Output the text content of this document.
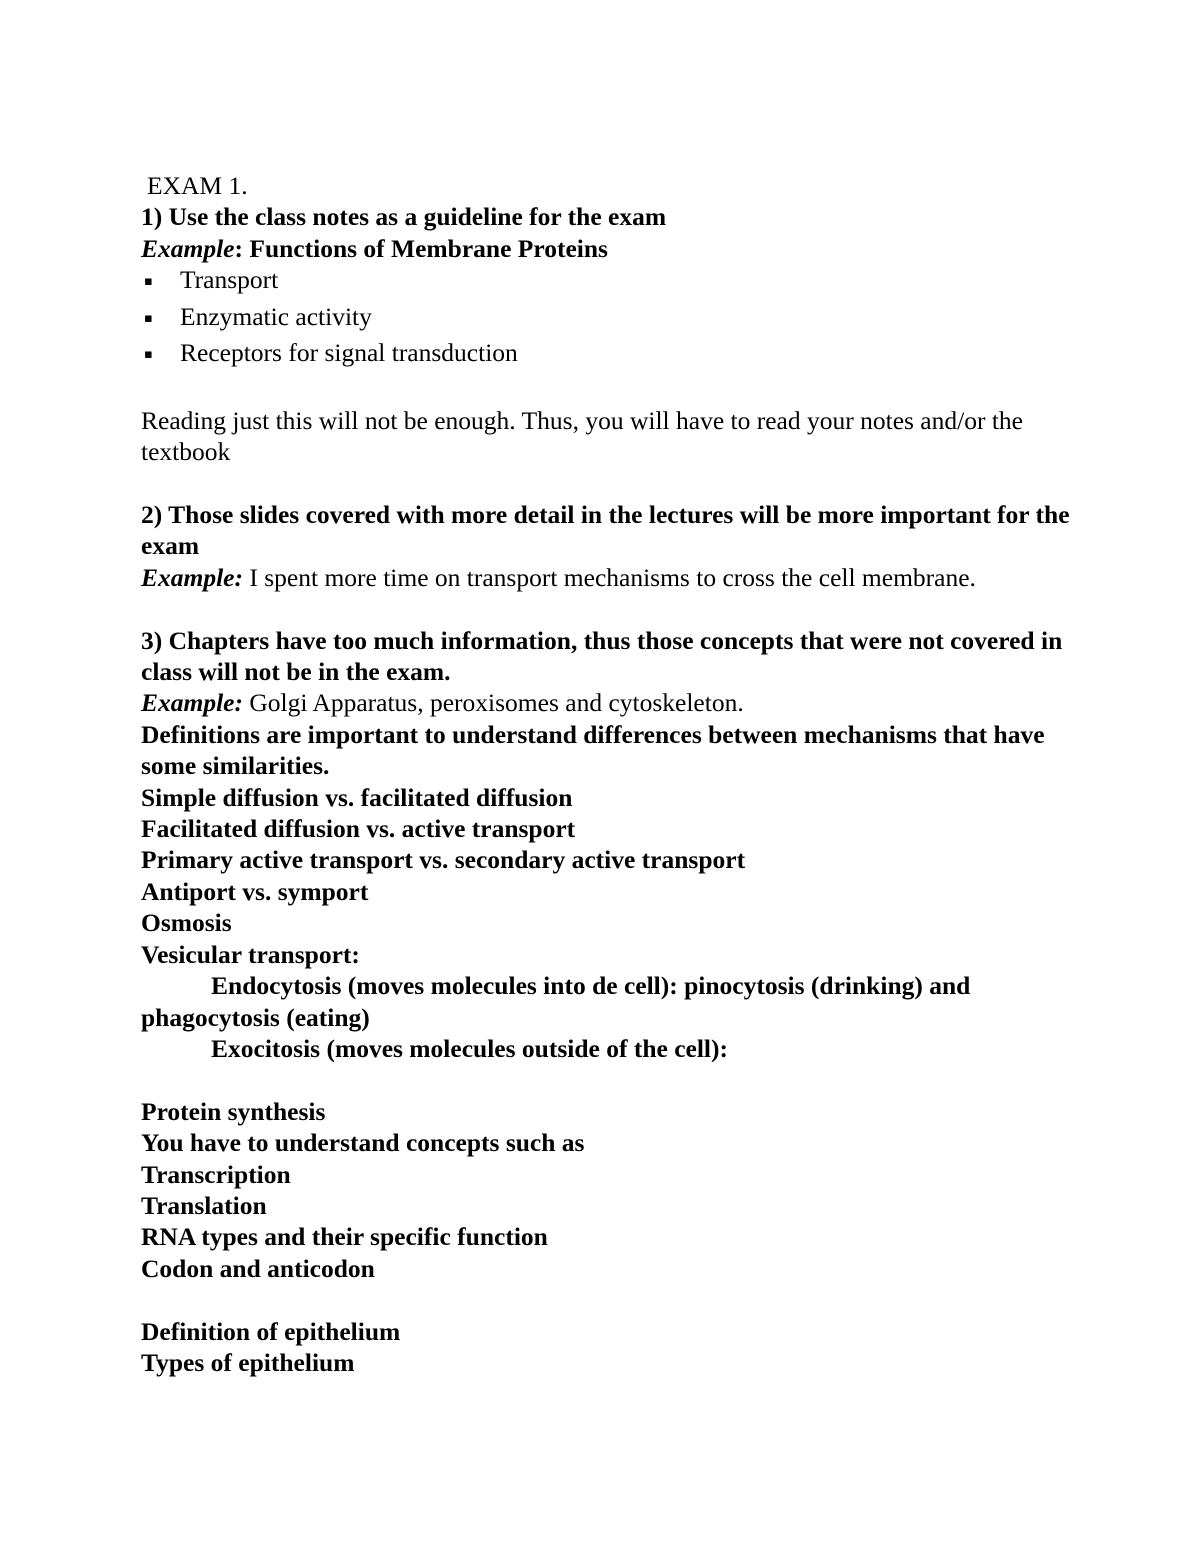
EXAM 1.

1) Use the class notes as a guideline for the exam

Example: Functions of Membrane Proteins

▪	Transport
▪	Enzymatic activity
▪	Receptors for signal transduction

Reading just this will not be enough. Thus, you will have to read your notes and/or the textbook

2) Those slides covered with more detail in the lectures will be more important for the exam

Example: I spent more time on transport mechanisms to cross the cell membrane.

3) Chapters have too much information, thus those concepts that were not covered in class will not be in the exam.

Example: Golgi Apparatus, peroxisomes and cytoskeleton.

Definitions are important to understand differences between mechanisms that have some similarities.

Simple diffusion vs. facilitated diffusion

Facilitated diffusion vs. active transport

Primary active transport vs. secondary active transport

Antiport vs. symport

Osmosis

Vesicular transport:

Endocytosis (moves molecules into de cell): pinocytosis (drinking) and

phagocytosis (eating)

Exocitosis (moves molecules outside of the cell):

Protein synthesis

You have to understand concepts such as

Transcription

Translation

RNA types and their specific function

Codon and anticodon

Definition of epithelium

Types of epithelium
